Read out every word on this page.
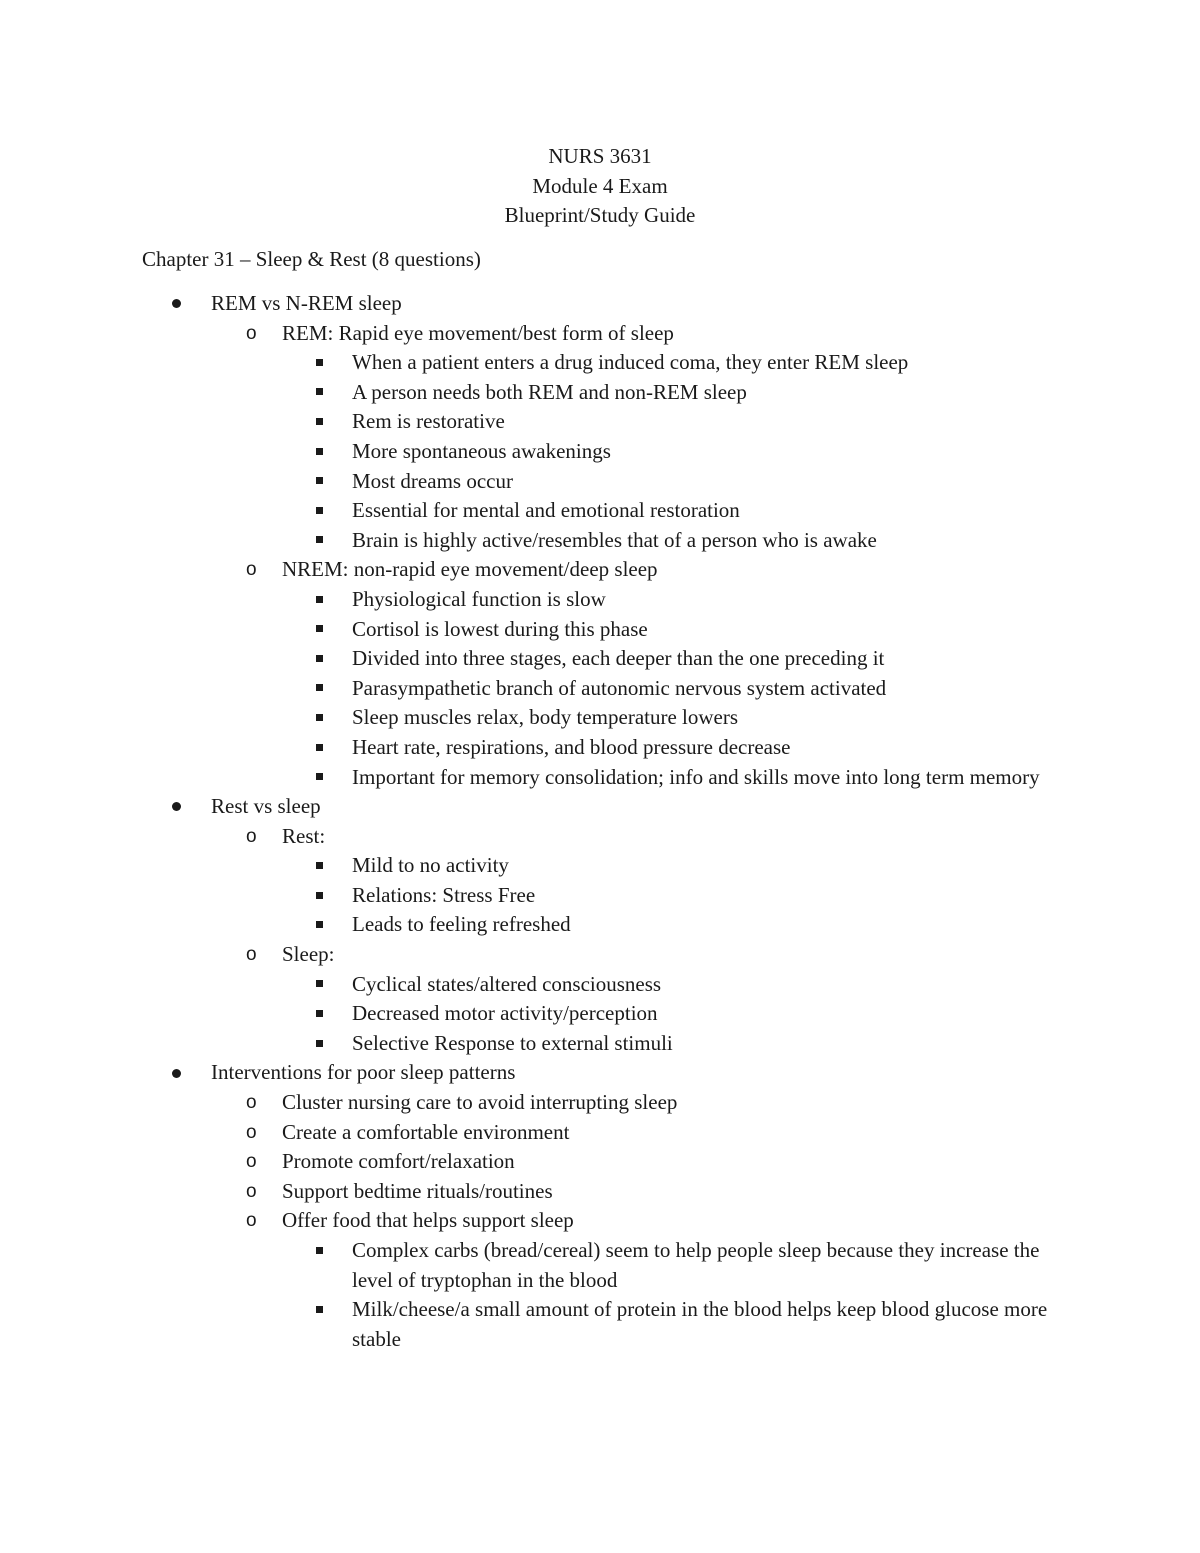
NURS 3631
Module 4 Exam
Blueprint/Study Guide
Chapter 31 – Sleep & Rest (8 questions)
REM vs N-REM sleep
o REM: Rapid eye movement/best form of sleep
When a patient enters a drug induced coma, they enter REM sleep
A person needs both REM and non-REM sleep
Rem is restorative
More spontaneous awakenings
Most dreams occur
Essential for mental and emotional restoration
Brain is highly active/resembles that of a person who is awake
o NREM: non-rapid eye movement/deep sleep
Physiological function is slow
Cortisol is lowest during this phase
Divided into three stages, each deeper than the one preceding it
Parasympathetic branch of autonomic nervous system activated
Sleep muscles relax, body temperature lowers
Heart rate, respirations, and blood pressure decrease
Important for memory consolidation; info and skills move into long term memory
Rest vs sleep
o Rest:
Mild to no activity
Relations: Stress Free
Leads to feeling refreshed
o Sleep:
Cyclical states/altered consciousness
Decreased motor activity/perception
Selective Response to external stimuli
Interventions for poor sleep patterns
o Cluster nursing care to avoid interrupting sleep
o Create a comfortable environment
o Promote comfort/relaxation
o Support bedtime rituals/routines
o Offer food that helps support sleep
Complex carbs (bread/cereal) seem to help people sleep because they increase the level of tryptophan in the blood
Milk/cheese/a small amount of protein in the blood helps keep blood glucose more stable
